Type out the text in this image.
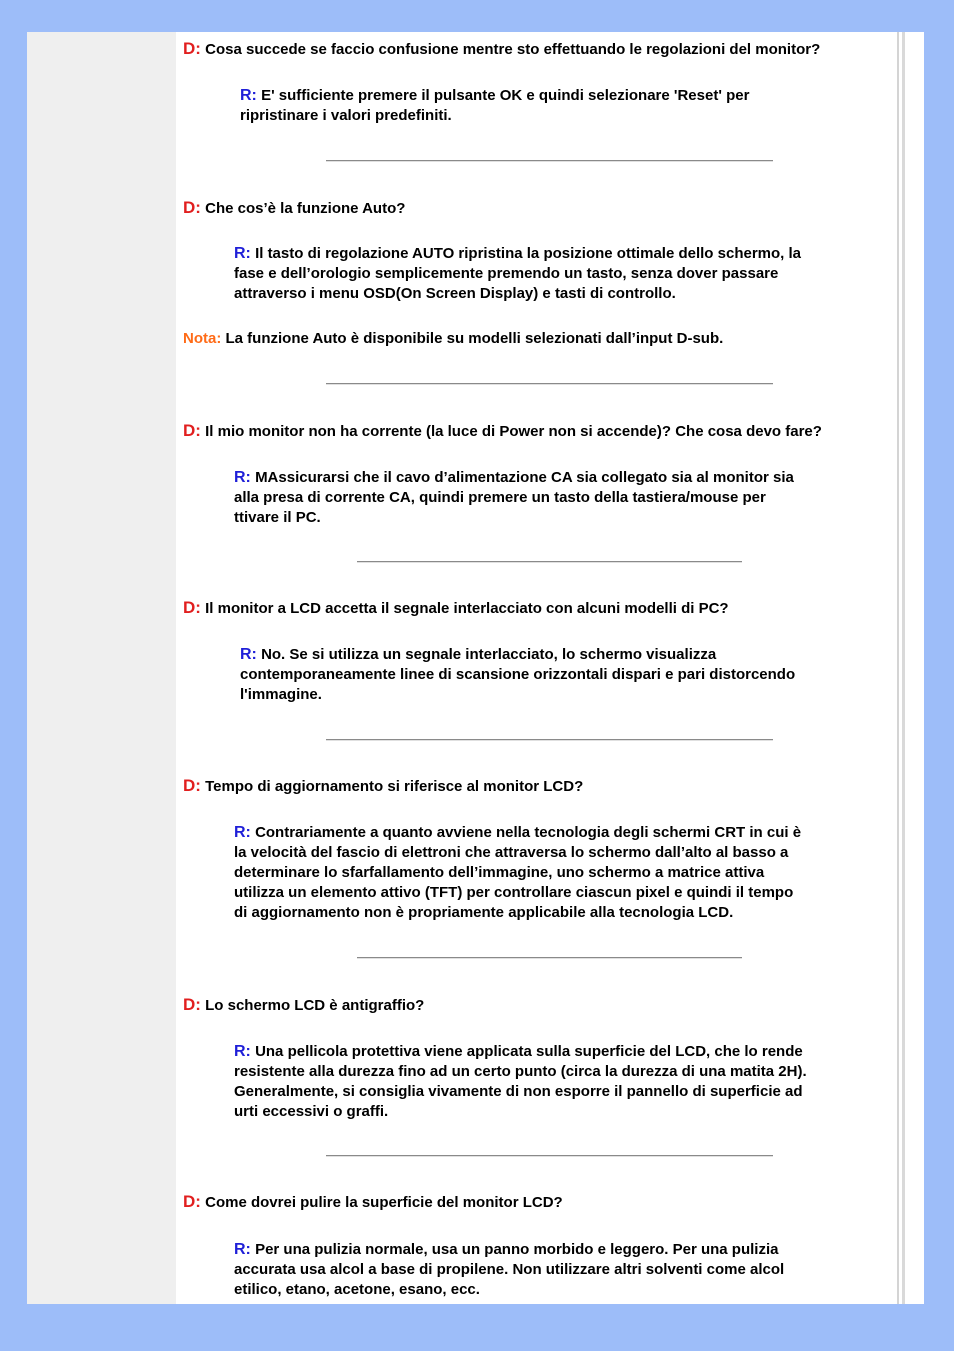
D: Cosa succede se faccio confusione mentre sto effettuando le regolazioni del monitor?
R: E' sufficiente premere il pulsante OK e quindi selezionare 'Reset' per
ripristinare i valori predefiniti.
D: Che cos’è la funzione Auto?
R: Il tasto di regolazione AUTO ripristina la posizione ottimale dello schermo, la
fase e dell’orologio semplicemente premendo un tasto, senza dover passare
attraverso i menu OSD(On Screen Display) e tasti di controllo.
Nota: La funzione Auto è disponibile su modelli selezionati dall’input D-sub.
D: Il mio monitor non ha corrente (la luce di Power non si accende)? Che cosa devo fare?
R: MAssicurarsi che il cavo d’alimentazione CA sia collegato sia al monitor sia
alla presa di corrente CA, quindi premere un tasto della tastiera/mouse per
ttivare il PC.
D: Il monitor a LCD accetta il segnale interlacciato con alcuni modelli di PC?
R: No. Se si utilizza un segnale interlacciato, lo schermo visualizza
contemporaneamente linee di scansione orizzontali dispari e pari distorcendo
l'immagine.
D: Tempo di aggiornamento si riferisce al monitor LCD?
R: Contrariamente a quanto avviene nella tecnologia degli schermi CRT in cui è
la velocità del fascio di elettroni che attraversa lo schermo dall’alto al basso a
determinare lo sfarfallamento dell’immagine, uno schermo a matrice attiva
utilizza un elemento attivo (TFT) per controllare ciascun pixel e quindi il tempo
di aggiornamento non è propriamente applicabile alla tecnologia LCD.
D: Lo schermo LCD è antigraffio?
R: Una pellicola protettiva viene applicata sulla superficie del LCD, che lo rende
resistente alla durezza fino ad un certo punto (circa la durezza di una matita 2H).
Generalmente, si consiglia vivamente di non esporre il pannello di superficie ad
urti eccessivi o graffi.
D: Come dovrei pulire la superficie del monitor LCD?
R: Per una pulizia normale, usa un panno morbido e leggero. Per una pulizia
accurata usa alcol a base di propilene. Non utilizzare altri solventi come alcol
etilico, etano, acetone, esano, ecc.
